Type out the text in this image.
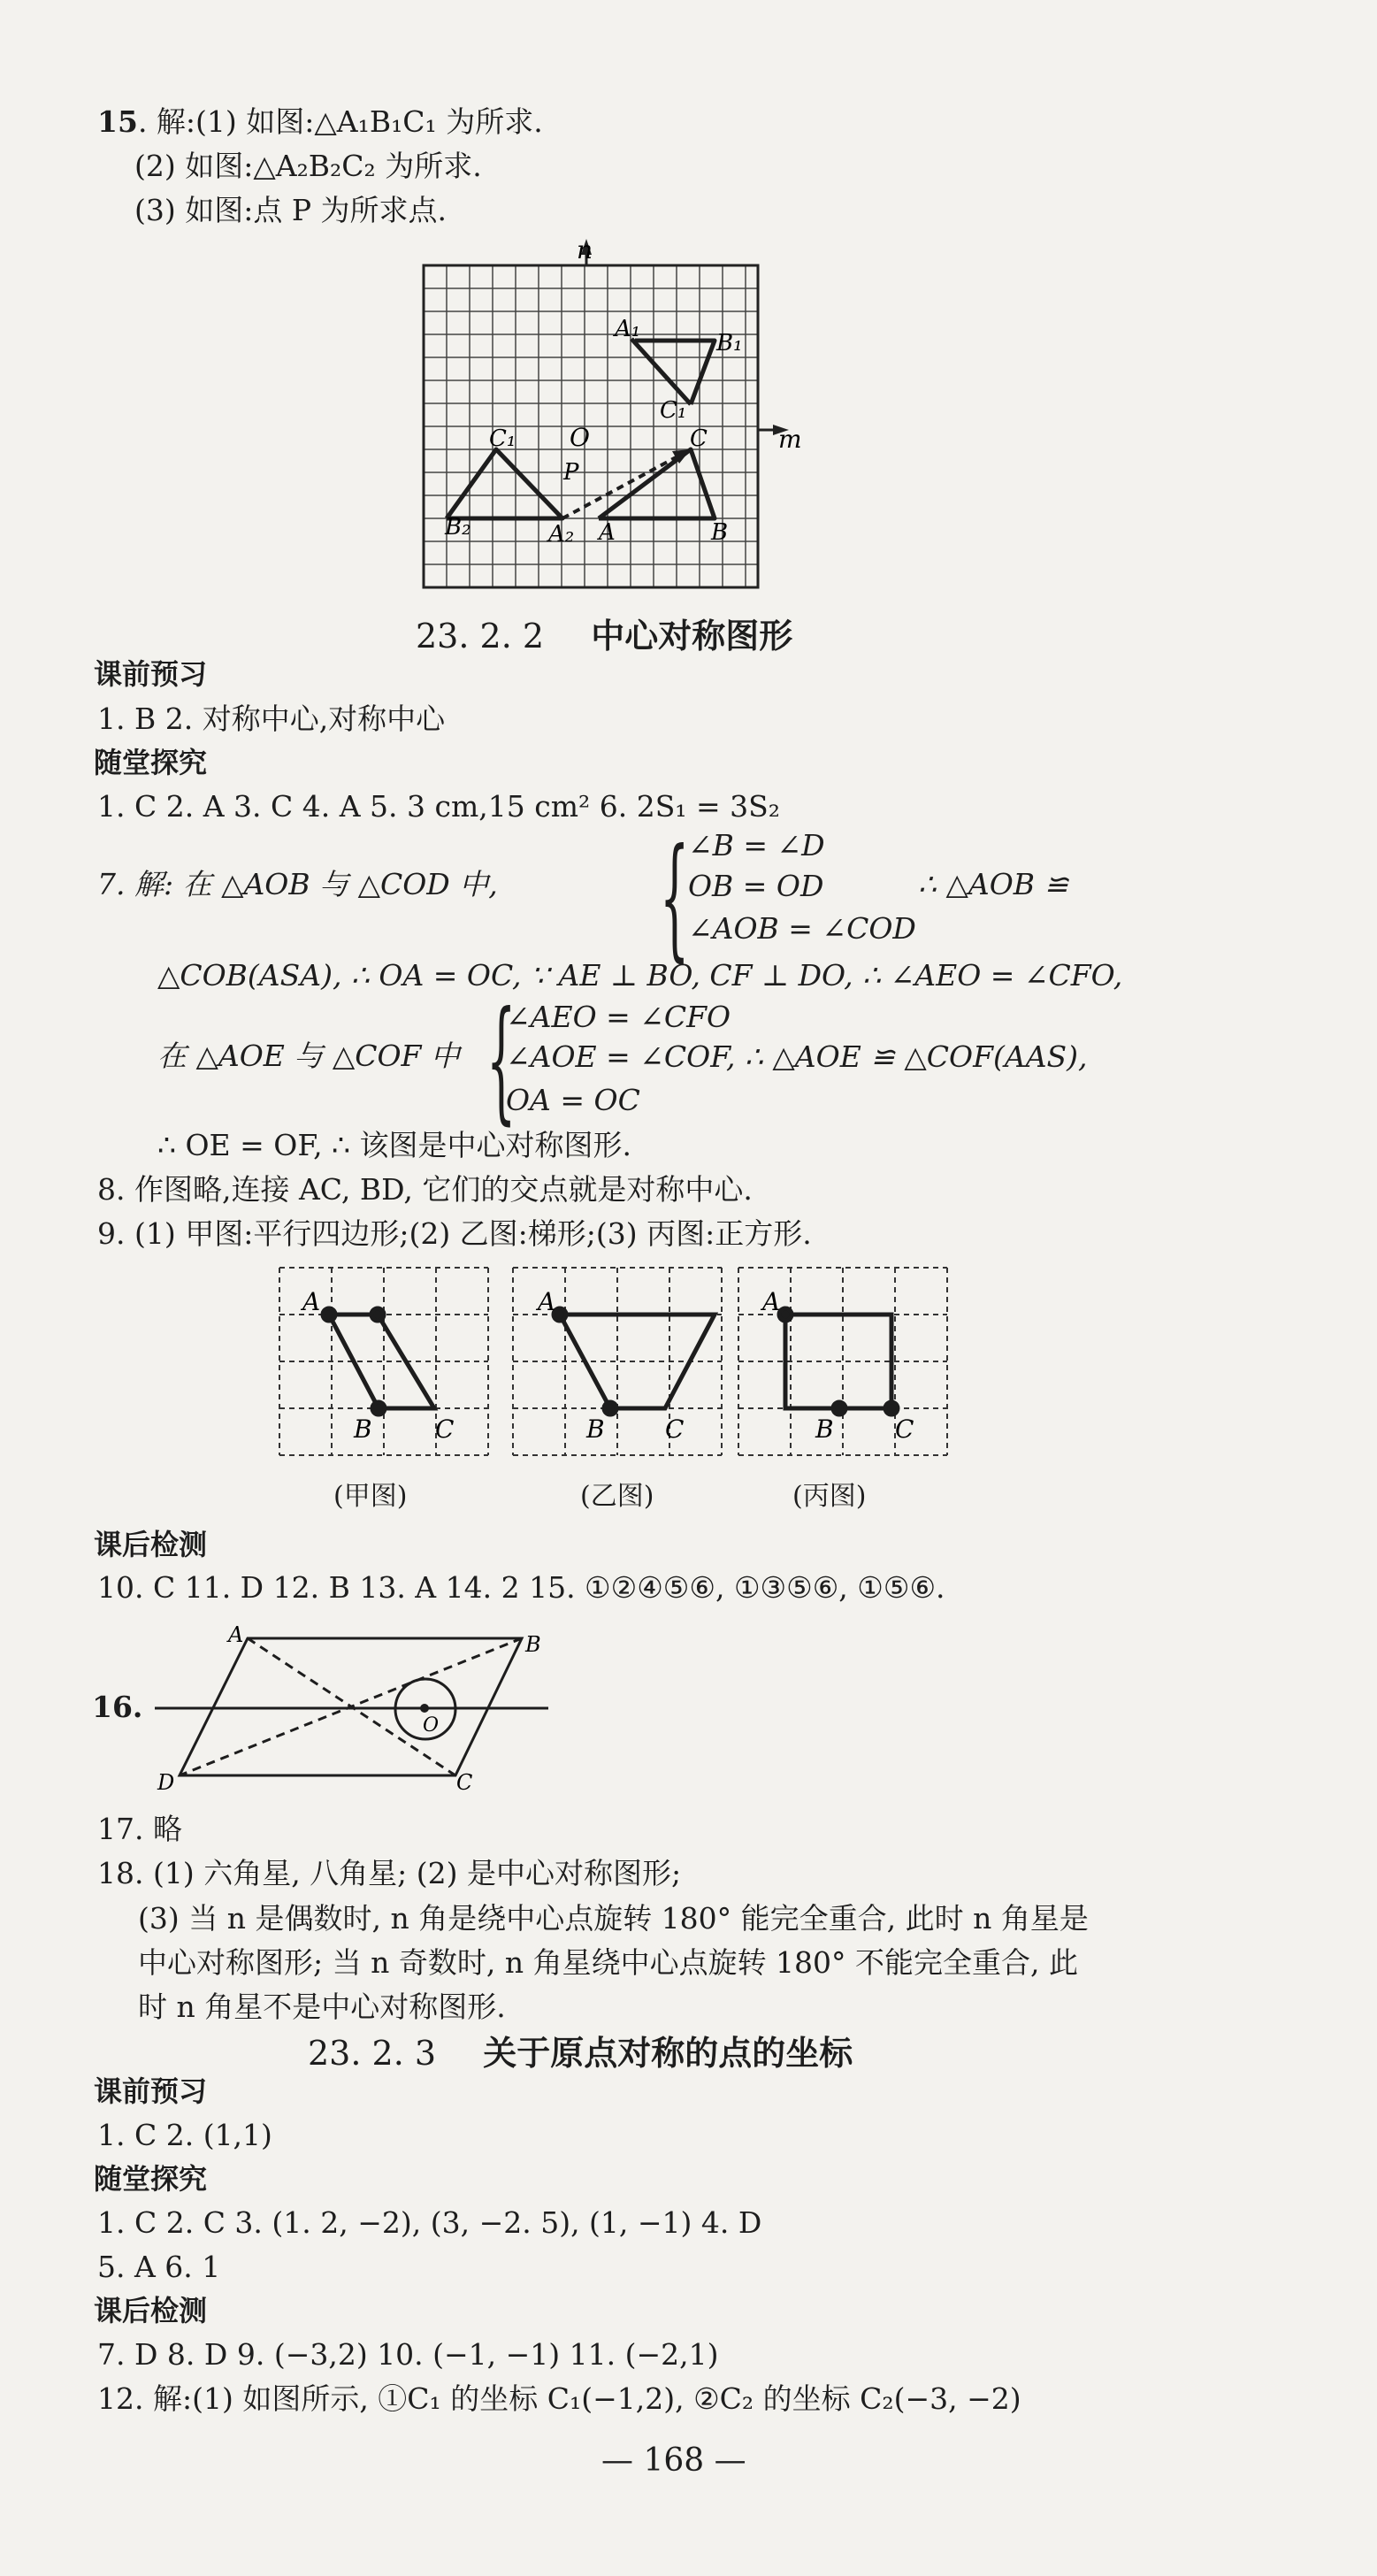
15. 解:(1) 如图:△A₁B₁C₁ 为所求.
(2) 如图:△A₂B₂C₂ 为所求.
(3) 如图:点 P 为所求点.
n
m
O
P
A₁
B₁
C₁
C
C₁
B₂	A₂ A	B
23. 2. 2 中心对称图形
课前预习
1. B 2. 对称中心,对称中心
随堂探究
1. C 2. A 3. C 4. A 5. 3 cm,15 cm² 6. 2S₁ = 3S₂
7. 解: 在 △AOB 与 △COD 中, {
∠B = ∠D
OB = OD
∠AOB = ∠COD
∴ △AOB ≌
△COB(ASA), ∴ OA = OC, ∵ AE ⊥ BO, CF ⊥ DO, ∴ ∠AEO = ∠CFO,
在 △AOE 与 △COF 中 {
∠AEO = ∠CFO
∠AOE = ∠COF, ∴ △AOE ≌ △COF(AAS),
OA = OC
∴ OE = OF, ∴ 该图是中心对称图形.
8. 作图略,连接 AC, BD, 它们的交点就是对称中心.
9. (1) 甲图:平行四边形;(2) 乙图:梯形;(3) 丙图:正方形.
A
B	C
A
B C
A
B C
(甲图)	(乙图)	(丙图)
课后检测
10. C 11. D 12. B 13. A 14. 2 15. ①②④⑤⑥, ①③⑤⑥, ①⑤⑥.
16.
A	B
C
D
O
17. 略
18. (1) 六角星, 八角星; (2) 是中心对称图形;
(3) 当 n 是偶数时, n 角是绕中心点旋转 180° 能完全重合, 此时 n 角星是
中心对称图形; 当 n 奇数时, n 角星绕中心点旋转 180° 不能完全重合, 此
时 n 角星不是中心对称图形.
23. 2. 3 关于原点对称的点的坐标
课前预习
1. C 2. (1,1)
随堂探究
1. C 2. C 3. (1. 2, −2), (3, −2. 5), (1, −1) 4. D
5. A 6. 1
课后检测
7. D 8. D 9. (−3,2) 10. (−1, −1) 11. (−2,1)
12. 解:(1) 如图所示, ①C₁ 的坐标 C₁(−1,2), ②C₂ 的坐标 C₂(−3, −2)
— 168 —
